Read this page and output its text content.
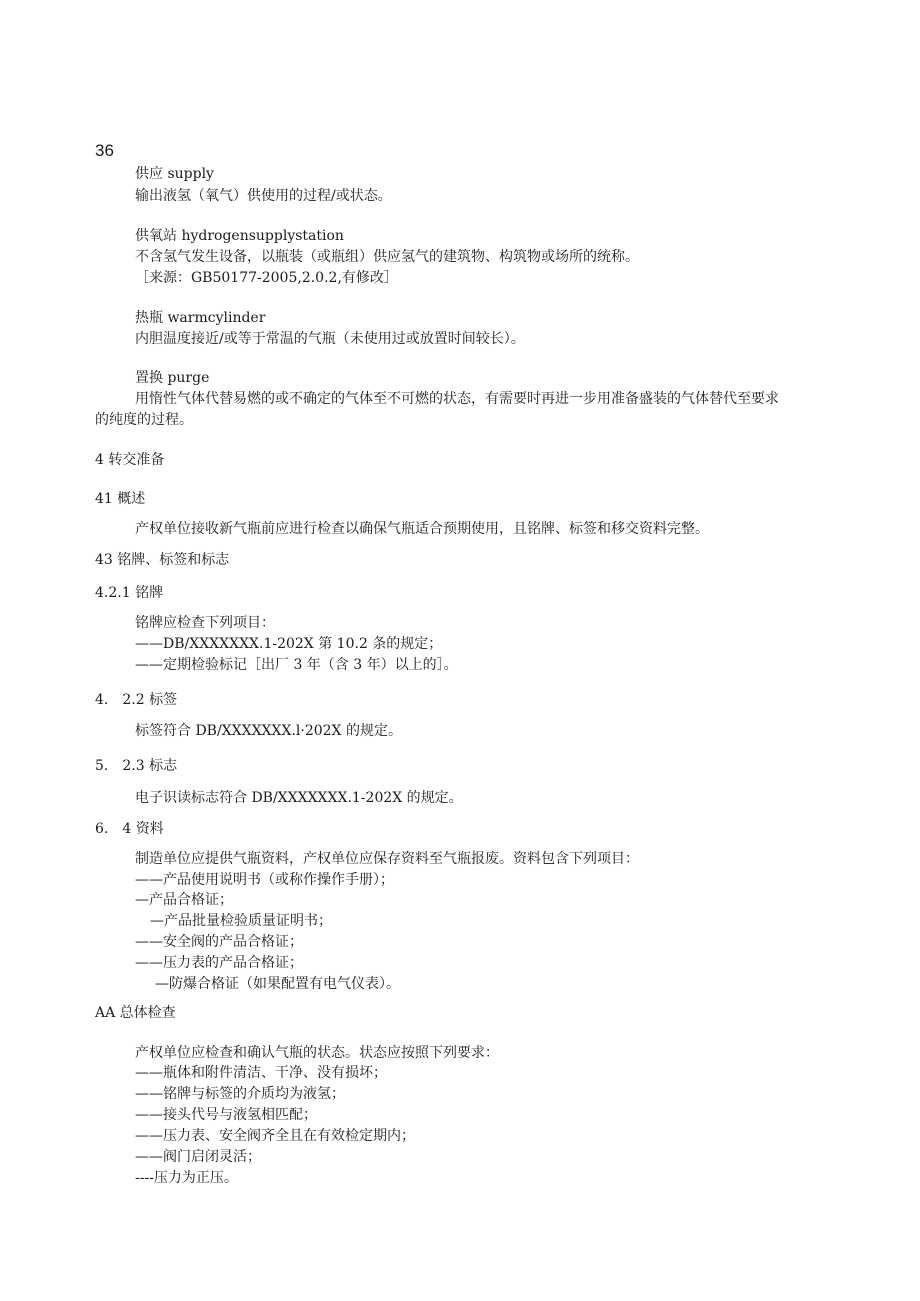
36
供应 supply
输出液氢（氧气）供使用的过程/或状态。
供氧站 hydrogensupplystation
不含氢气发生设备，以瓶装（或瓶组）供应氢气的建筑物、构筑物或场所的统称。
［来源：GB50177-2005,2.0.2,有修改］
热瓶 warmcylinder
内胆温度接近/或等于常温的气瓶（未使用过或放置时间较长）。
置换 purge
用惰性气体代替易燃的或不确定的气体至不可燃的状态，有需要时再进一步用准备盛装的气体替代至要求
的纯度的过程。
4 转交准备
41 概述
产权单位接收新气瓶前应进行检查以确保气瓶适合预期使用，且铭牌、标签和移交资料完整。
43 铭牌、标签和标志
4.2.1 铭牌
铭牌应检查下列项目：
——DB/XXXXXXX.1-202X 第 10.2 条的规定；
——定期检验标记［出厂 3 年（含 3 年）以上的］。
4.　2.2 标签
标签符合 DB/XXXXXXX.l·202X 的规定。
5.　2.3 标志
电子识读标志符合 DB/XXXXXXX.1-202X 的规定。
6.　4 资料
制造单位应提供气瓶资料，产权单位应保存资料至气瓶报废。资料包含下列项目：
——产品使用说明书（或称作操作手册）；
—产品合格证；
—产品批量检验质量证明书；
——安全阀的产品合格证；
——压力表的产品合格证；
—防爆合格证（如果配置有电气仪表）。
AA 总体检查
产权单位应检查和确认气瓶的状态。状态应按照下列要求：
——瓶体和附件清洁、干净、没有损坏；
——铭牌与标签的介质均为液氢；
——接头代号与液氢相匹配；
——压力表、安全阀齐全且在有效检定期内；
——阀门启闭灵活；
----压力为正压。
